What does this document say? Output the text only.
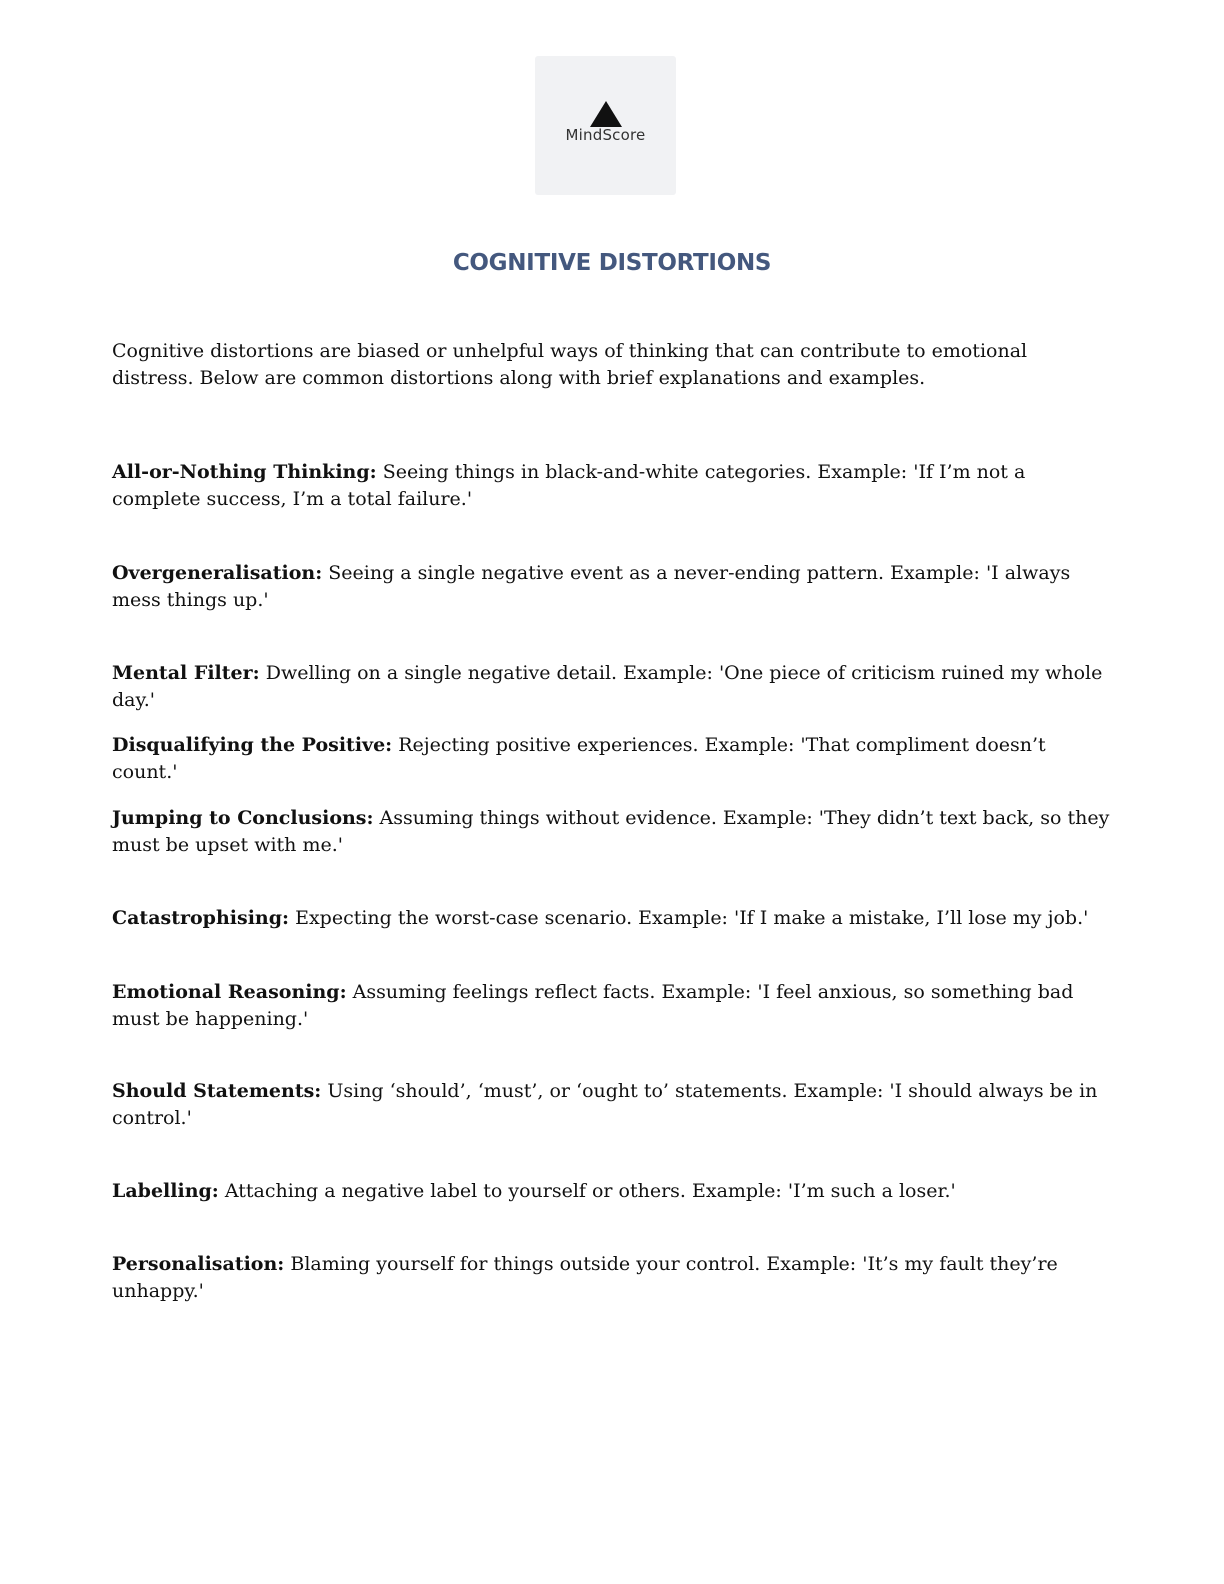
MindScore
COGNITIVE DISTORTIONS

Cognitive distortions are biased or unhelpful ways of thinking that can contribute to emotional distress. Below are common distortions along with brief explanations and examples.

All-or-Nothing Thinking: Seeing things in black-and-white categories. Example: 'If I’m not a complete success, I’m a total failure.'

Overgeneralisation: Seeing a single negative event as a never-ending pattern. Example: 'I always mess things up.'

Mental Filter: Dwelling on a single negative detail. Example: 'One piece of criticism ruined my whole day.'

Disqualifying the Positive: Rejecting positive experiences. Example: 'That compliment doesn’t count.'

Jumping to Conclusions: Assuming things without evidence. Example: 'They didn’t text back, so they must be upset with me.'

Catastrophising: Expecting the worst-case scenario. Example: 'If I make a mistake, I’ll lose my job.'

Emotional Reasoning: Assuming feelings reflect facts. Example: 'I feel anxious, so something bad must be happening.'

Should Statements: Using ‘should’, ‘must’, or ‘ought to’ statements. Example: 'I should always be in control.'

Labelling: Attaching a negative label to yourself or others. Example: 'I’m such a loser.'

Personalisation: Blaming yourself for things outside your control. Example: 'It’s my fault they’re unhappy.'
